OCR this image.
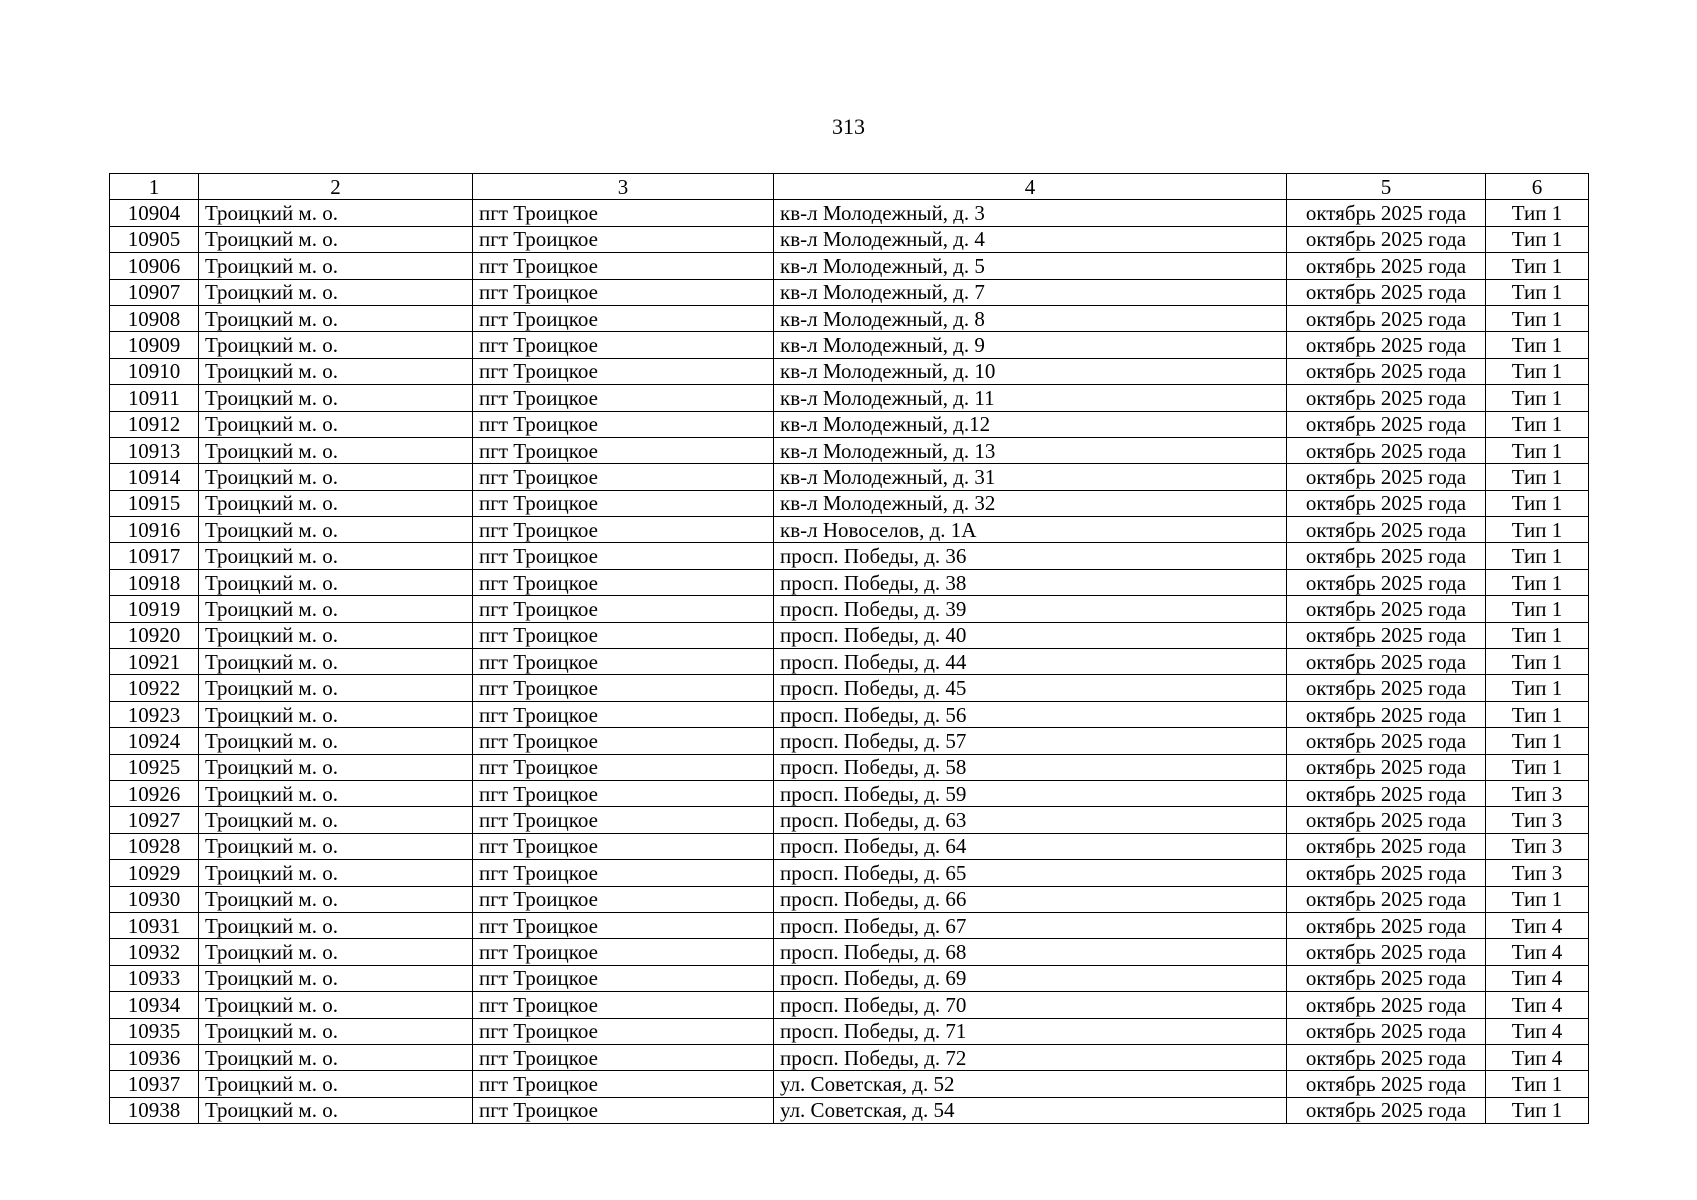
313
1	2	3	4	5	6
10904	Троицкий м. о.	пгт Троицкое	кв-л Молодежный, д. 3	октябрь 2025 года	Тип 1
10905	Троицкий м. о.	пгт Троицкое	кв-л Молодежный, д. 4	октябрь 2025 года	Тип 1
10906	Троицкий м. о.	пгт Троицкое	кв-л Молодежный, д. 5	октябрь 2025 года	Тип 1
10907	Троицкий м. о.	пгт Троицкое	кв-л Молодежный, д. 7	октябрь 2025 года	Тип 1
10908	Троицкий м. о.	пгт Троицкое	кв-л Молодежный, д. 8	октябрь 2025 года	Тип 1
10909	Троицкий м. о.	пгт Троицкое	кв-л Молодежный, д. 9	октябрь 2025 года	Тип 1
10910	Троицкий м. о.	пгт Троицкое	кв-л Молодежный, д. 10	октябрь 2025 года	Тип 1
10911	Троицкий м. о.	пгт Троицкое	кв-л Молодежный, д. 11	октябрь 2025 года	Тип 1
10912	Троицкий м. о.	пгт Троицкое	кв-л Молодежный, д.12	октябрь 2025 года	Тип 1
10913	Троицкий м. о.	пгт Троицкое	кв-л Молодежный, д. 13	октябрь 2025 года	Тип 1
10914	Троицкий м. о.	пгт Троицкое	кв-л Молодежный, д. 31	октябрь 2025 года	Тип 1
10915	Троицкий м. о.	пгт Троицкое	кв-л Молодежный, д. 32	октябрь 2025 года	Тип 1
10916	Троицкий м. о.	пгт Троицкое	кв-л Новоселов, д. 1А	октябрь 2025 года	Тип 1
10917	Троицкий м. о.	пгт Троицкое	просп. Победы, д. 36	октябрь 2025 года	Тип 1
10918	Троицкий м. о.	пгт Троицкое	просп. Победы, д. 38	октябрь 2025 года	Тип 1
10919	Троицкий м. о.	пгт Троицкое	просп. Победы, д. 39	октябрь 2025 года	Тип 1
10920	Троицкий м. о.	пгт Троицкое	просп. Победы, д. 40	октябрь 2025 года	Тип 1
10921	Троицкий м. о.	пгт Троицкое	просп. Победы, д. 44	октябрь 2025 года	Тип 1
10922	Троицкий м. о.	пгт Троицкое	просп. Победы, д. 45	октябрь 2025 года	Тип 1
10923	Троицкий м. о.	пгт Троицкое	просп. Победы, д. 56	октябрь 2025 года	Тип 1
10924	Троицкий м. о.	пгт Троицкое	просп. Победы, д. 57	октябрь 2025 года	Тип 1
10925	Троицкий м. о.	пгт Троицкое	просп. Победы, д. 58	октябрь 2025 года	Тип 1
10926	Троицкий м. о.	пгт Троицкое	просп. Победы, д. 59	октябрь 2025 года	Тип 3
10927	Троицкий м. о.	пгт Троицкое	просп. Победы, д. 63	октябрь 2025 года	Тип 3
10928	Троицкий м. о.	пгт Троицкое	просп. Победы, д. 64	октябрь 2025 года	Тип 3
10929	Троицкий м. о.	пгт Троицкое	просп. Победы, д. 65	октябрь 2025 года	Тип 3
10930	Троицкий м. о.	пгт Троицкое	просп. Победы, д. 66	октябрь 2025 года	Тип 1
10931	Троицкий м. о.	пгт Троицкое	просп. Победы, д. 67	октябрь 2025 года	Тип 4
10932	Троицкий м. о.	пгт Троицкое	просп. Победы, д. 68	октябрь 2025 года	Тип 4
10933	Троицкий м. о.	пгт Троицкое	просп. Победы, д. 69	октябрь 2025 года	Тип 4
10934	Троицкий м. о.	пгт Троицкое	просп. Победы, д. 70	октябрь 2025 года	Тип 4
10935	Троицкий м. о.	пгт Троицкое	просп. Победы, д. 71	октябрь 2025 года	Тип 4
10936	Троицкий м. о.	пгт Троицкое	просп. Победы, д. 72	октябрь 2025 года	Тип 4
10937	Троицкий м. о.	пгт Троицкое	ул. Советская, д. 52	октябрь 2025 года	Тип 1
10938	Троицкий м. о.	пгт Троицкое	ул. Советская, д. 54	октябрь 2025 года	Тип 1
